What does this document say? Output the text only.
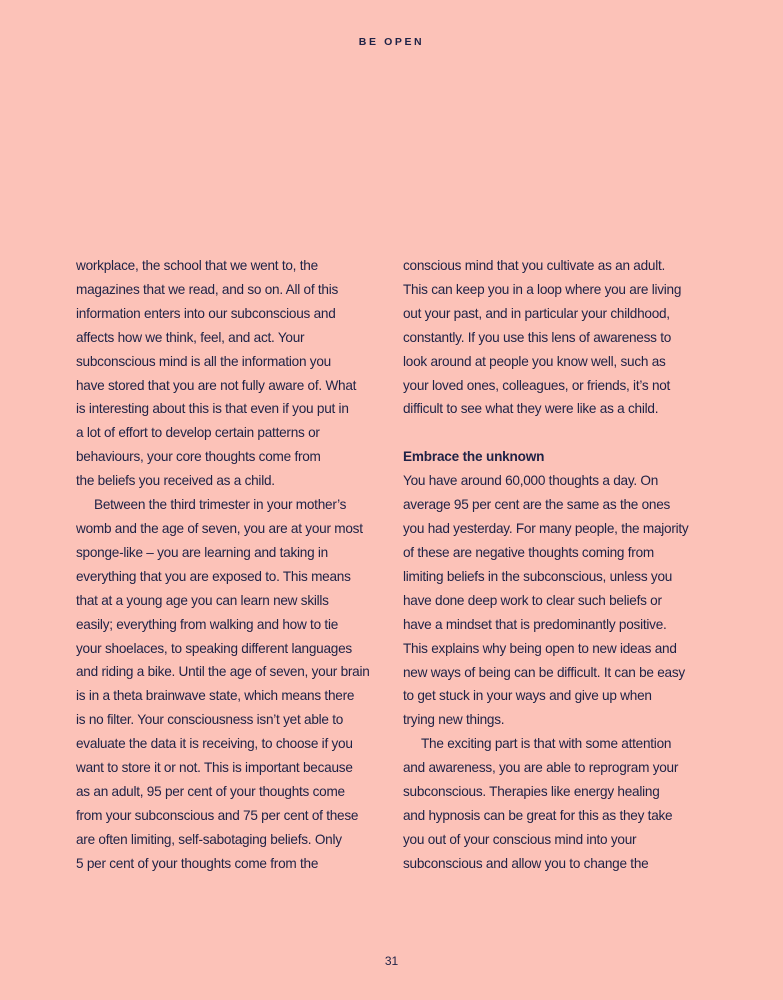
BE OPEN

workplace, the school that we went to, the
magazines that we read, and so on. All of this
information enters into our subconscious and
affects how we think, feel, and act. Your
subconscious mind is all the information you
have stored that you are not fully aware of. What
is interesting about this is that even if you put in
a lot of effort to develop certain patterns or
behaviours, your core thoughts come from
the beliefs you received as a child.

Between the third trimester in your mother’s
womb and the age of seven, you are at your most
sponge-like – you are learning and taking in
everything that you are exposed to. This means
that at a young age you can learn new skills
easily; everything from walking and how to tie
your shoelaces, to speaking different languages
and riding a bike. Until the age of seven, your brain
is in a theta brainwave state, which means there
is no filter. Your consciousness isn’t yet able to
evaluate the data it is receiving, to choose if you
want to store it or not. This is important because
as an adult, 95 per cent of your thoughts come
from your subconscious and 75 per cent of these
are often limiting, self-sabotaging beliefs. Only
5 per cent of your thoughts come from the

conscious mind that you cultivate as an adult.
This can keep you in a loop where you are living
out your past, and in particular your childhood,
constantly. If you use this lens of awareness to
look around at people you know well, such as
your loved ones, colleagues, or friends, it’s not
difficult to see what they were like as a child.

Embrace the unknown

You have around 60,000 thoughts a day. On
average 95 per cent are the same as the ones
you had yesterday. For many people, the majority
of these are negative thoughts coming from
limiting beliefs in the subconscious, unless you
have done deep work to clear such beliefs or
have a mindset that is predominantly positive.
This explains why being open to new ideas and
new ways of being can be difficult. It can be easy
to get stuck in your ways and give up when
trying new things.

The exciting part is that with some attention
and awareness, you are able to reprogram your
subconscious. Therapies like energy healing
and hypnosis can be great for this as they take
you out of your conscious mind into your
subconscious and allow you to change the

31
